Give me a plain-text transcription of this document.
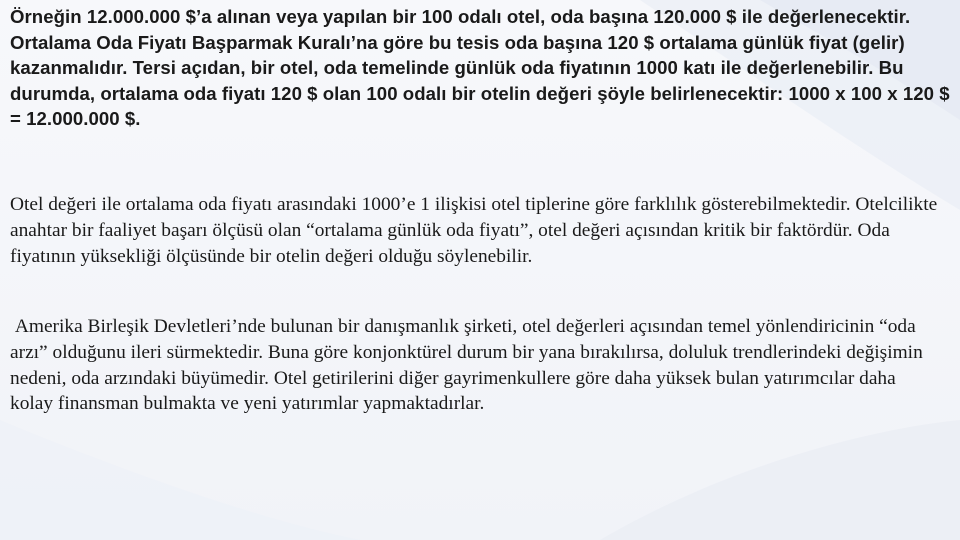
Örneğin 12.000.000 $’a alınan veya yapılan bir 100 odalı otel, oda başına 120.000 $ ile değerlenecektir. Ortalama Oda Fiyatı Başparmak Kuralı’na göre bu tesis oda başına 120 $ ortalama günlük fiyat (gelir) kazanmalıdır. Tersi açıdan, bir otel, oda temelinde günlük oda fiyatının 1000 katı ile değerlenebilir. Bu durumda, ortalama oda fiyatı 120 $ olan 100 odalı bir otelin değeri şöyle belirlenecektir: 1000 x 100 x 120 $ = 12.000.000 $.

Otel değeri ile ortalama oda fiyatı arasındaki 1000’e 1 ilişkisi otel tiplerine göre farklılık gösterebilmektedir. Otelcilikte anahtar bir faaliyet başarı ölçüsü olan “ortalama günlük oda fiyatı”, otel değeri açısından kritik bir faktördür. Oda fiyatının yüksekliği ölçüsünde bir otelin değeri olduğu söylenebilir.

Amerika Birleşik Devletleri’nde bulunan bir danışmanlık şirketi, otel değerleri açısından temel yönlendiricinin “oda arzı” olduğunu ileri sürmektedir. Buna göre konjonktürel durum bir yana bırakılırsa, doluluk trendlerindeki değişimin nedeni, oda arzındaki büyümedir. Otel getirilerini diğer gayrimenkullere göre daha yüksek bulan yatırımcılar daha kolay finansman bulmakta ve yeni yatırımlar yapmaktadırlar.
